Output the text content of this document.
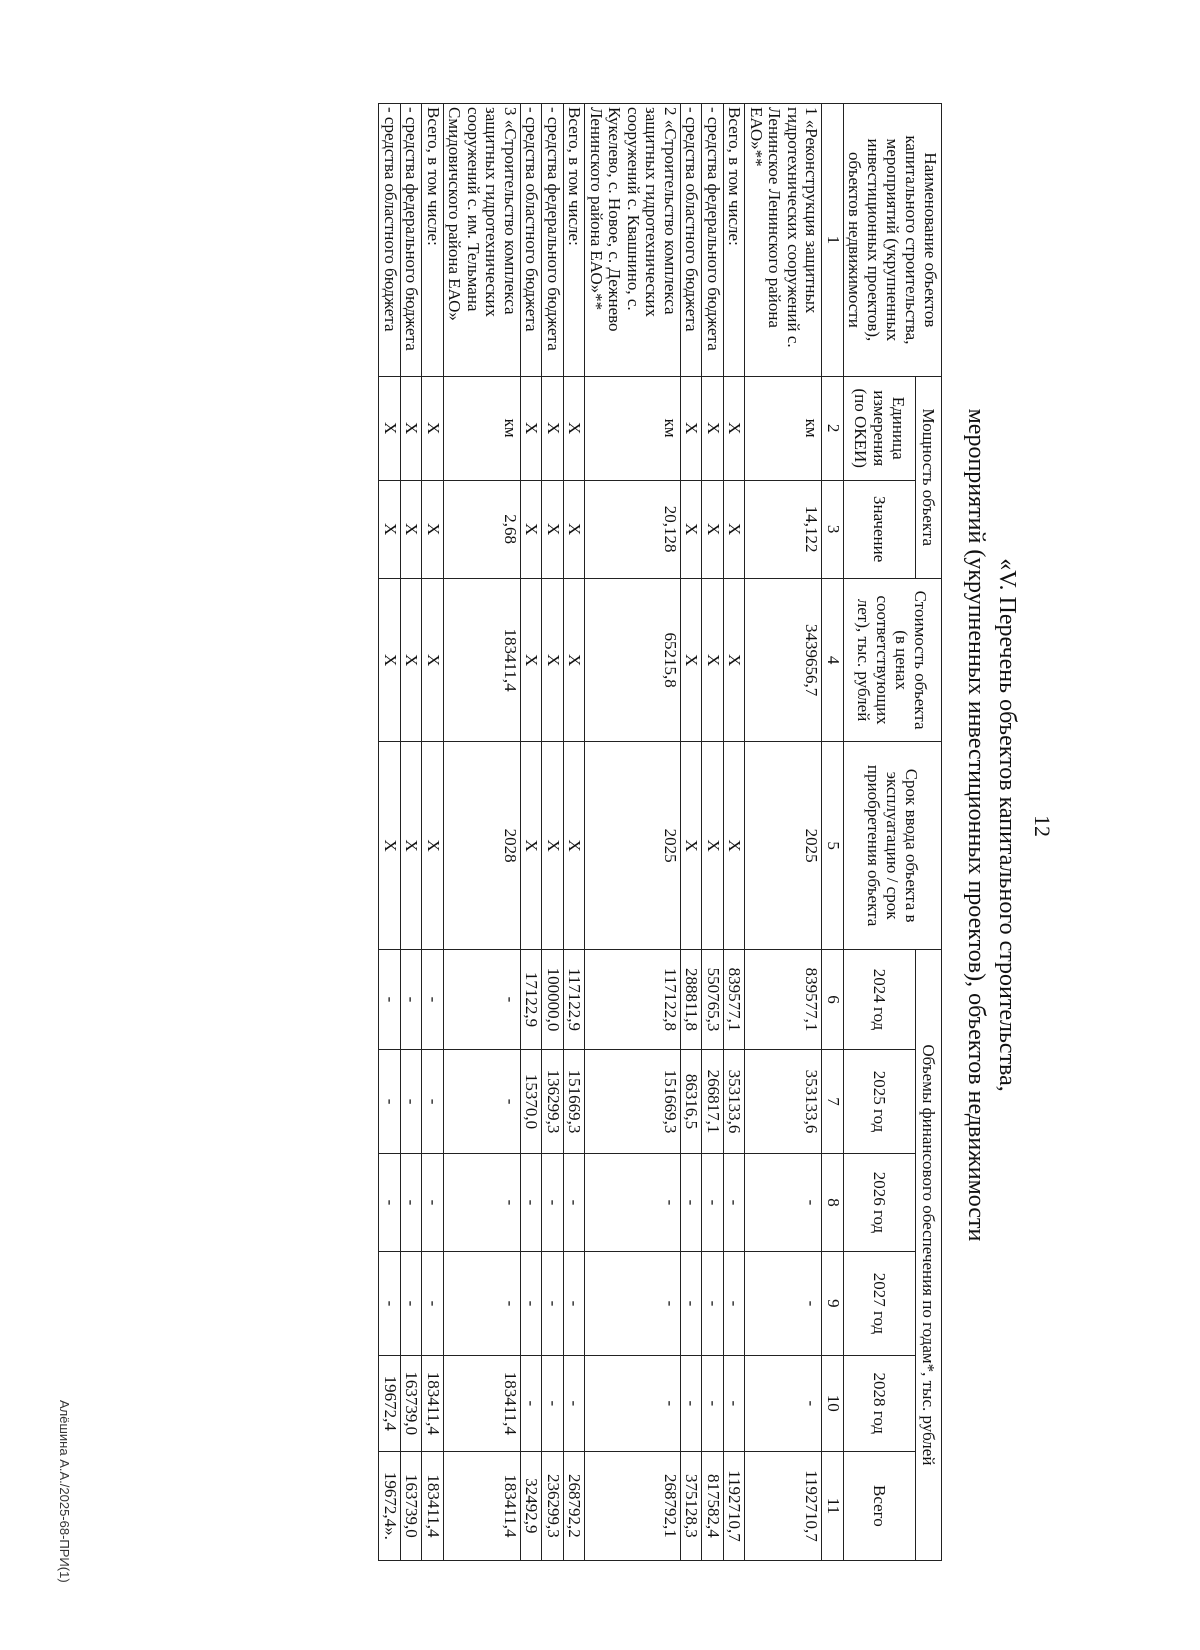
12
«V. Перечень объектов капитального строительства,
мероприятий (укрупненных инвестиционных проектов), объектов недвижимости
Наименование объектов капитального строительства, мероприятий (укрупненных инвестиционных проектов), объектов недвижимости	Мощность объекта		Стоимость объекта (в ценах соответствующих лет), тыс. рублей	Срок ввода объекта в эксплуатацию / срок приобретения объекта	Объемы финансового обеспечения по годам*, тыс. рублей					
	Единица измерения (по ОКЕИ)	Значение			2024 год	2025 год	2026 год	2027 год	2028 год	Всего
1	2	3	4	5	6	7	8	9	10	11
1 «Реконструкция защитных гидротехнических сооружений с. Ленинское Ленинского района ЕАО»**	км	14,122	3439656,7	2025	839577,1	353133,6	-	-	-	1192710,7
Всего, в том числе:	Х	Х	Х	Х	839577,1	353133,6	-	-	-	1192710,7
- средства федерального бюджета	Х	Х	Х	Х	550765,3	266817,1	-	-	-	817582,4
- средства областного бюджета	Х	Х	Х	Х	288811,8	86316,5	-	-	-	375128,3
2 «Строительство комплекса защитных гидротехнических сооружений с. Квашнино, с. Кукелево, с. Новое, с. Дежнево Ленинского района ЕАО»**	км	20,128	65215,8	2025	117122,8	151669,3	-	-	-	268792,1
Всего, в том числе:	Х	Х	Х	Х	117122,9	151669,3	-	-	-	268792,2
- средства федерального бюджета	Х	Х	Х	Х	100000,0	136299,3	-	-	-	236299,3
- средства областного бюджета	Х	Х	Х	Х	17122,9	15370,0	-	-	-	32492,9
3 «Строительство комплекса защитных гидротехнических сооружений с. им. Тельмана Смидовичского района ЕАО»	км	2,68	183411,4	2028	-	-	-	-	183411,4	183411,4
Всего, в том числе:	Х	Х	Х	Х	-	-	-	-	183411,4	183411,4
- средства федерального бюджета	Х	Х	Х	Х	-	-	-	-	163739,0	163739,0
- средства областного бюджета	Х	Х	Х	Х	-	-	-	-	19672,4	19672,4».
Алёшина А.А./2025-68-ПРИ(1)
